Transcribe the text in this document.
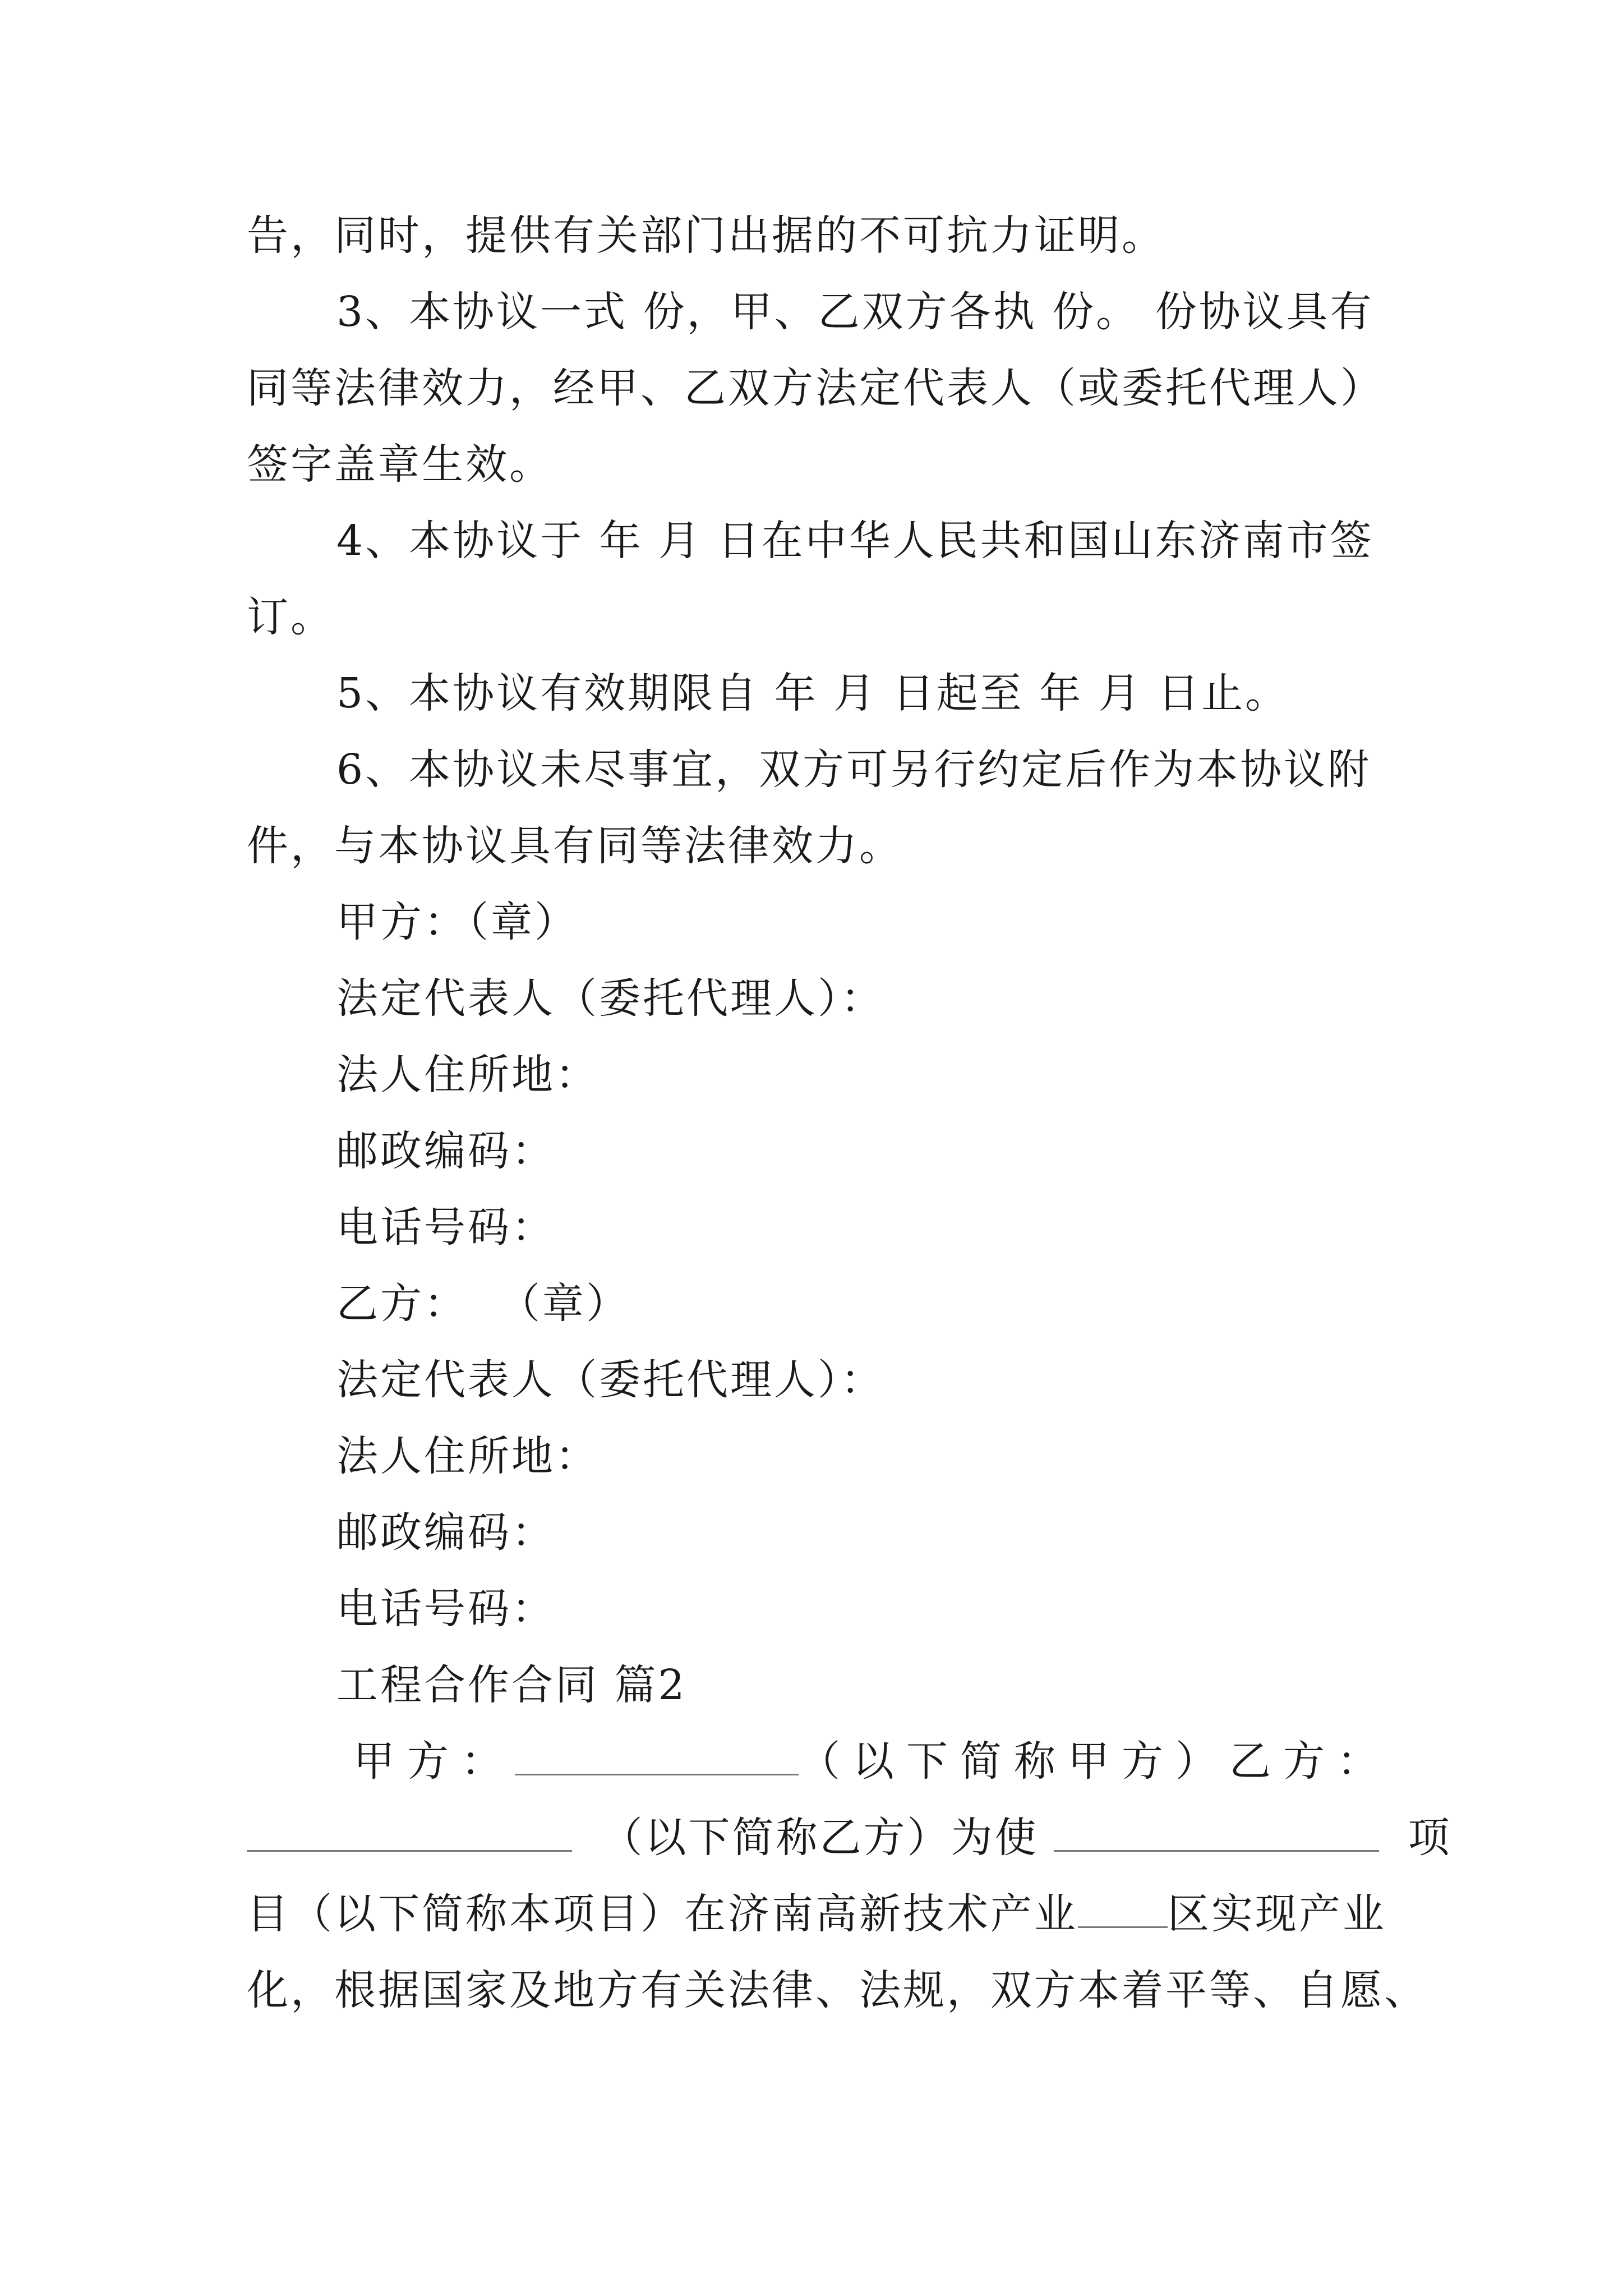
告，同时，提供有关部门出据的不可抗力证明。
3、本协议一式 份，甲、乙双方各执 份。 份协议具有
同等法律效力，经甲、乙双方法定代表人（或委托代理人）
签字盖章生效。
4、本协议于 年 月 日在中华人民共和国山东济南市签
订。
5、本协议有效期限自 年 月 日起至 年 月 日止。
6、本协议未尽事宜，双方可另行约定后作为本协议附
件，与本协议具有同等法律效力。
甲方：（章）
法定代表人（委托代理人）：
法人住所地：
邮政编码：
电话号码：
乙方：  （章）
法定代表人（委托代理人）：
法人住所地：
邮政编码：
电话号码：
工程合作合同 篇2
甲方：	（以下简称甲方）乙方：
（以下简称乙方）为使	项
目（以下简称本项目）在济南高新技术产业 区实现产业
化，根据国家及地方有关法律、法规，双方本着平等、自愿、
